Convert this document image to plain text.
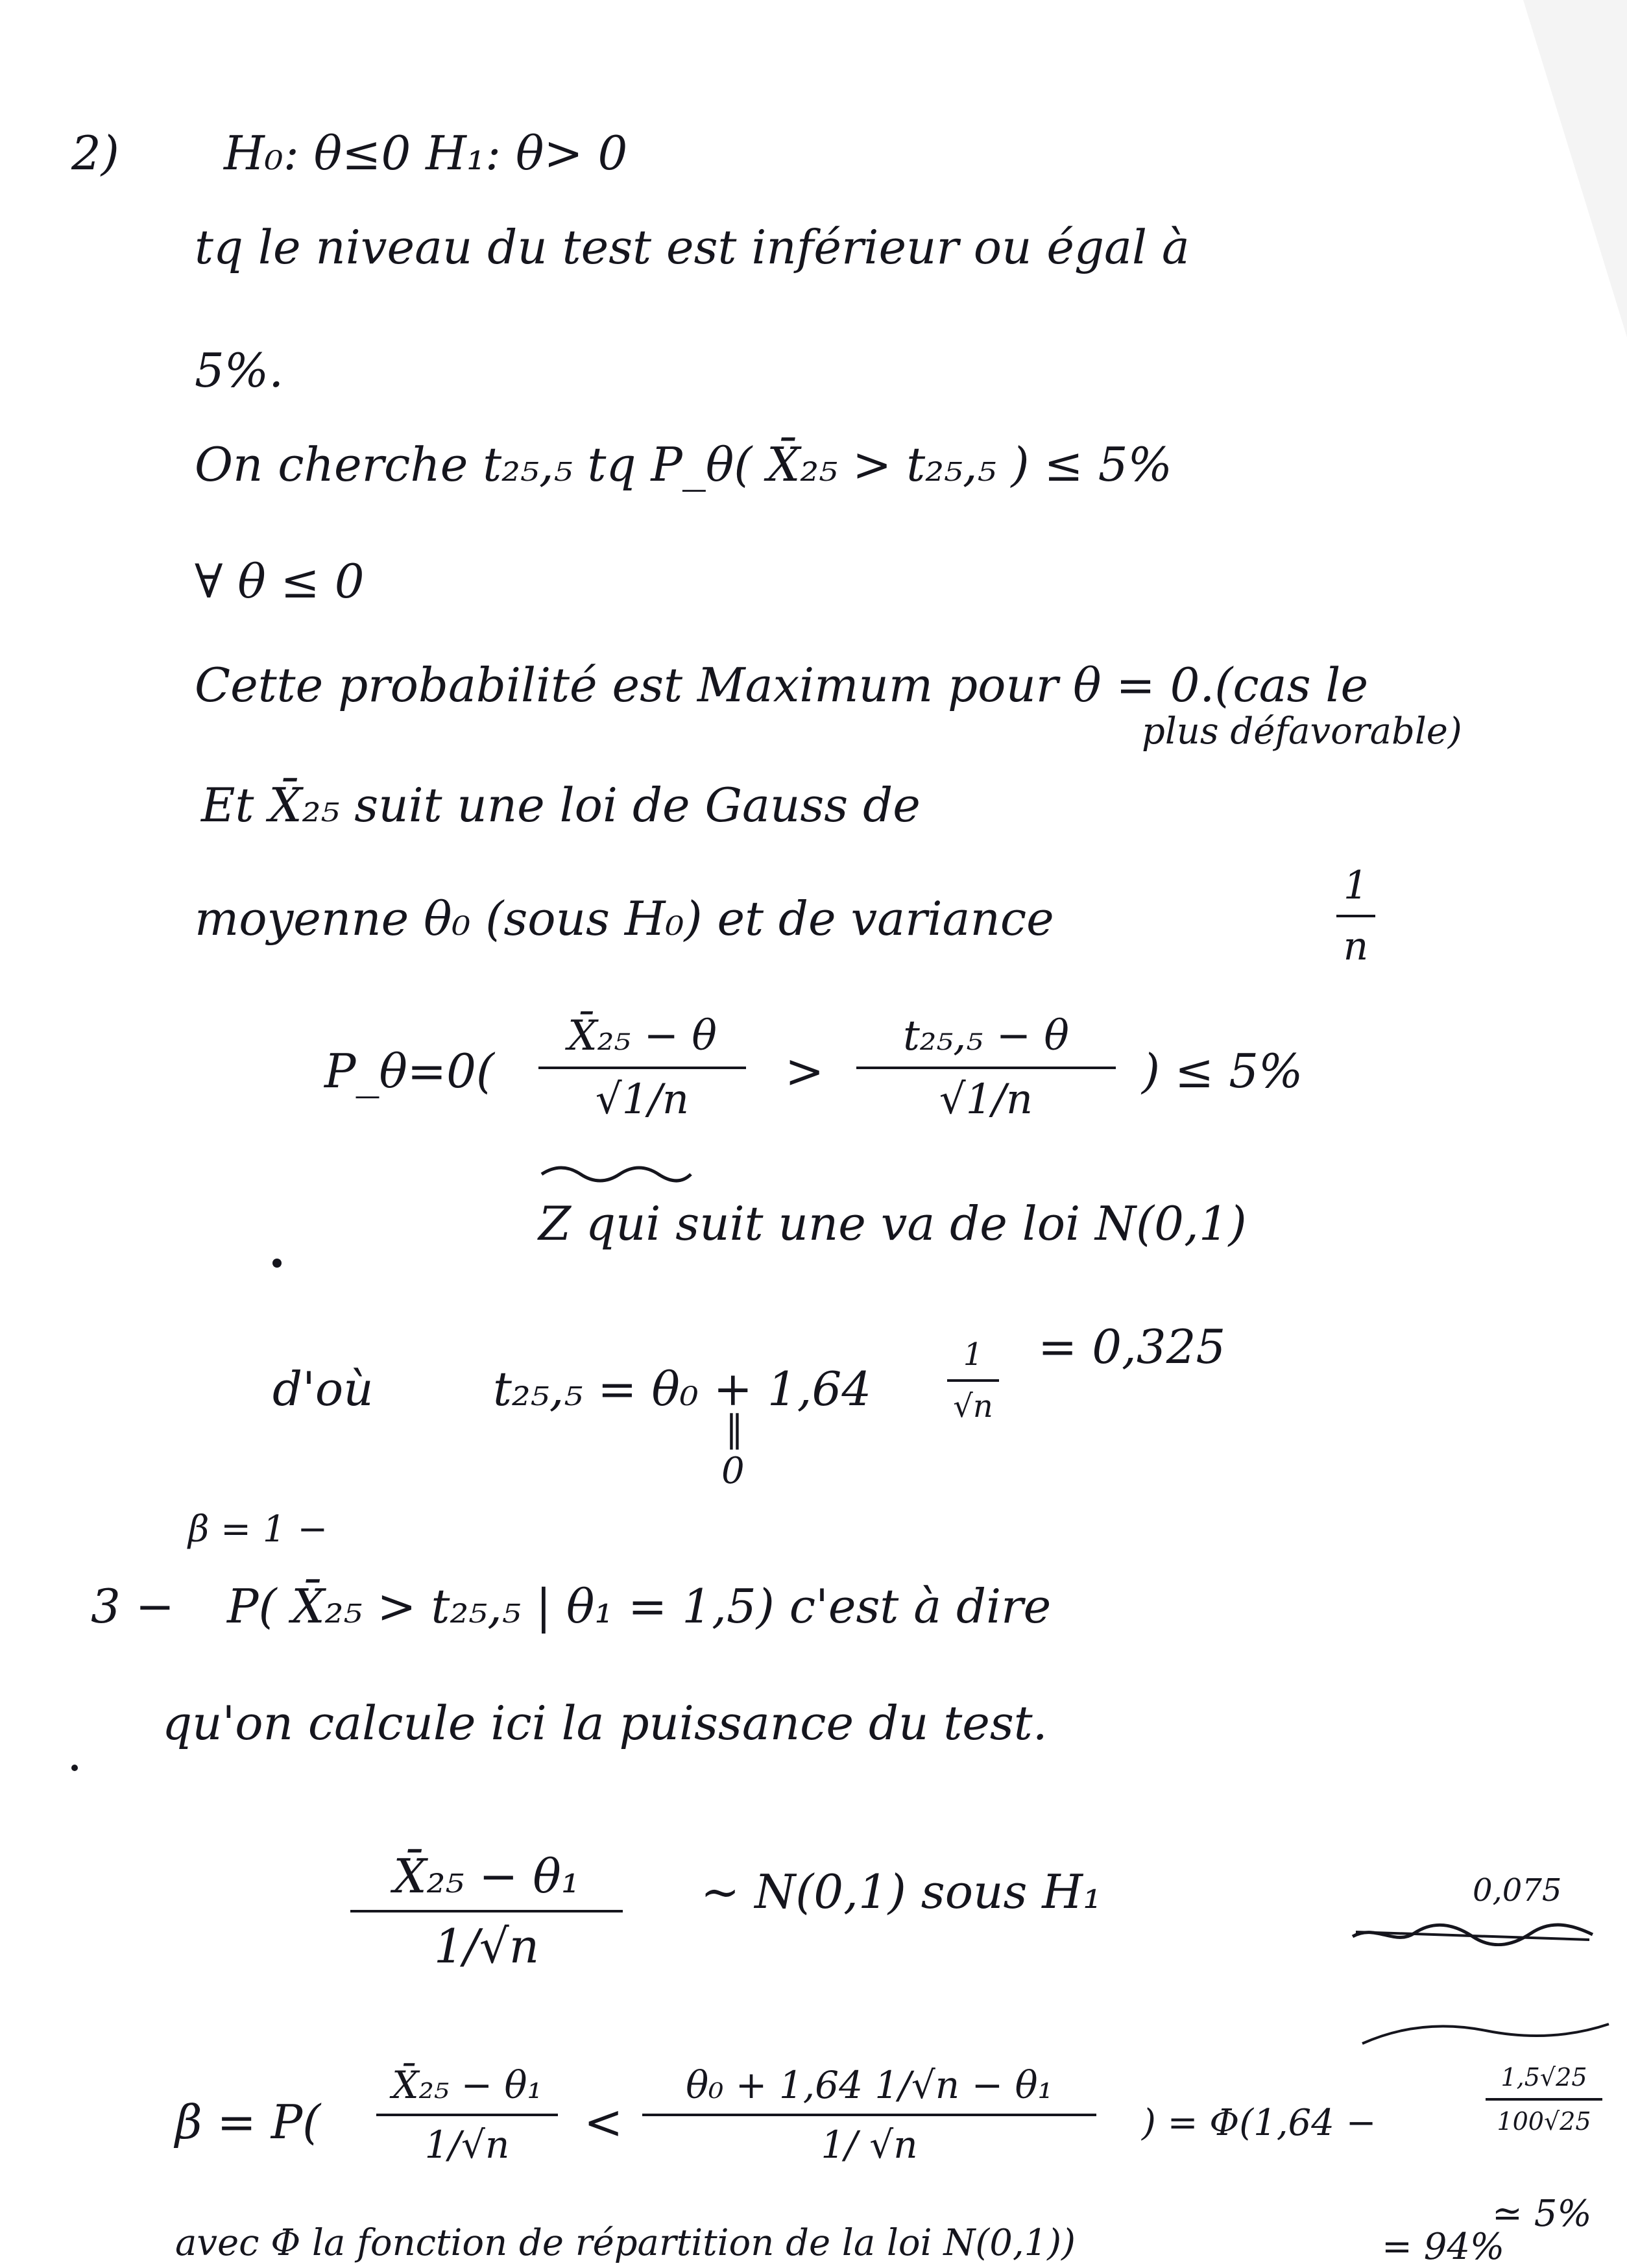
2) H₀: θ≤0 H₁: θ> 0
tq le niveau du test est inférieur ou égal à
5%.
On cherche t₂₅,₅ tq P_θ( X̄₂₅ > t₂₅,₅ ) ≤ 5%
∀ θ ≤ 0
Cette probabilité est Maximum pour θ = 0.(cas le
plus défavorable)
Et X̄₂₅ suit une loi de Gauss de
moyenne θ₀ (sous H₀) et de variance
1
n
P_θ=0(
X̄₂₅ − θ
√1/n
>
t₂₅,₅ − θ
√1/n
) ≤ 5%
Z qui suit une va de loi N(0,1)
d'où	t₂₅,₅ = θ₀ + 1,64
1
√n
= 0,325
‖
0
β = 1 −
3 − P( X̄₂₅ > t₂₅,₅ | θ₁ = 1,5) c'est à dire
qu'on calcule ici la puissance du test.
X̄₂₅ − θ₁
1/√n
∼ N(0,1) sous H₁	0,075
β = P(
X̄₂₅ − θ₁
1/√n	<
θ₀ + 1,64 1/√n − θ₁
1/ √n	) = Φ(1,64 −
1,5√25
100√25
≃ 5%
avec Φ la fonction de répartition de la loi N(0,1))	= 94%
